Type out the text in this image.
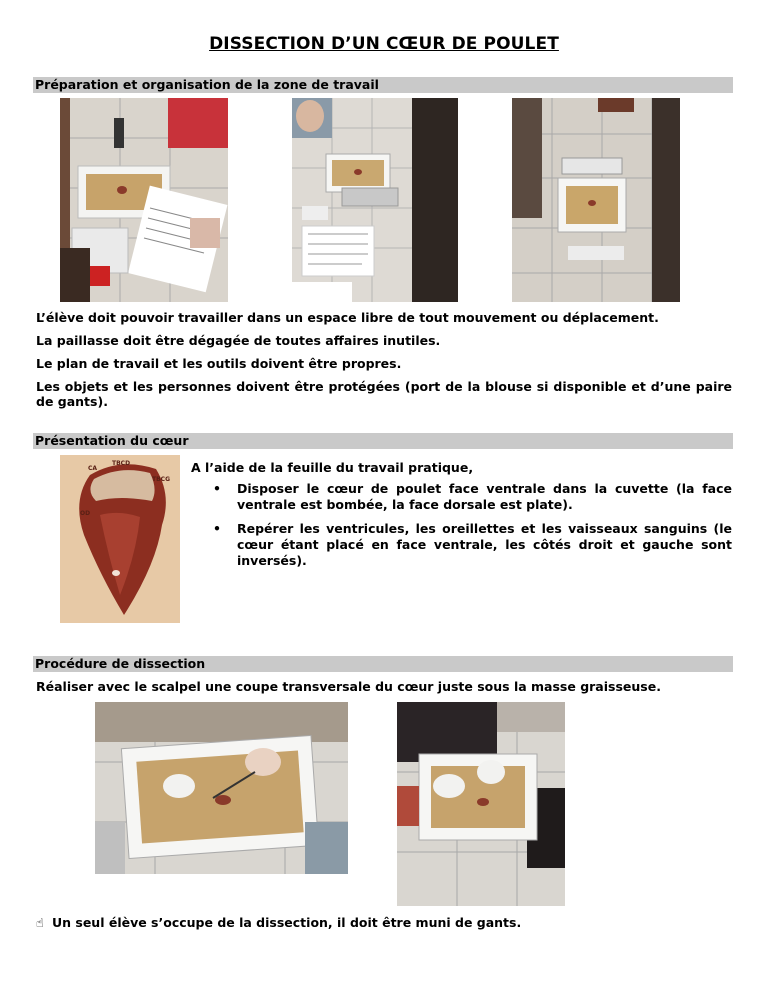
DISSECTION D’UN CŒUR DE POULET
Préparation et organisation de la zone de travail
L’élève doit pouvoir travailler dans un espace libre de tout mouvement ou déplacement.
La paillasse doit être dégagée de toutes affaires inutiles.
Le plan de travail et les outils doivent être propres.
Les objets et les personnes doivent être protégées (port de la blouse si disponible et d’une paire de gants).
Présentation du cœur
CA
TBCD
TBCG
OD
A l’aide de la feuille du travail pratique,
• Disposer le cœur de poulet face ventrale dans la cuvette (la face ventrale est bombée, la face dorsale est plate).
• Repérer les ventricules, les oreillettes et les vaisseaux sanguins (le cœur étant placé en face ventrale, les côtés droit et gauche sont inversés).
Procédure de dissection
Réaliser avec le scalpel une coupe transversale du cœur juste sous la masse graisseuse.
☝ Un seul élève s’occupe de la dissection, il doit être muni de gants.
